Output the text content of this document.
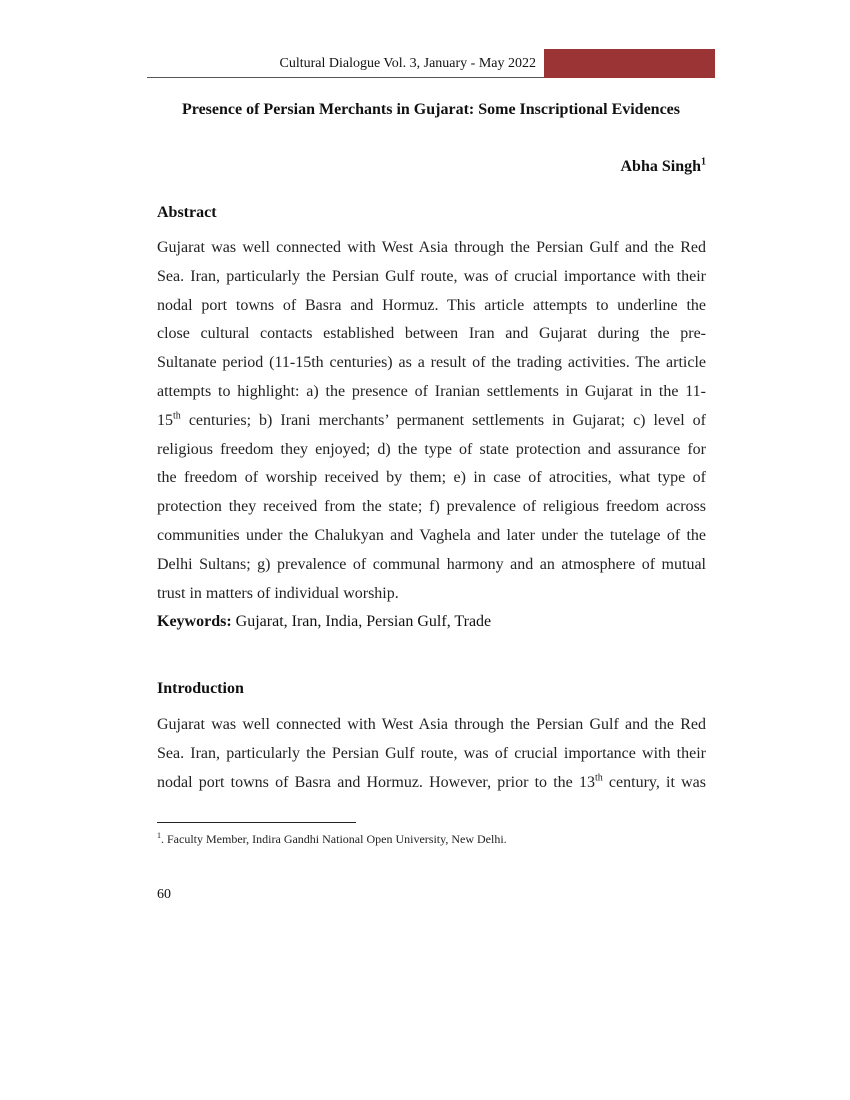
Cultural Dialogue Vol. 3, January - May 2022
Presence of Persian Merchants in Gujarat: Some Inscriptional Evidences
Abha Singh$^1$
Abstract
Gujarat was well connected with West Asia through the Persian Gulf and the Red
Sea. Iran, particularly the Persian Gulf route, was of crucial importance with their
nodal port towns of Basra and Hormuz. This article attempts to underline the
close cultural contacts established between Iran and Gujarat during the pre-
Sultanate period (11-15th centuries) as a result of the trading activities. The article
attempts to highlight: a) the presence of Iranian settlements in Gujarat in the 11-
15th centuries; b) Irani merchants’ permanent settlements in Gujarat; c) level of
religious freedom they enjoyed; d) the type of state protection and assurance for
the freedom of worship received by them; e) in case of atrocities, what type of
protection they received from the state; f) prevalence of religious freedom across
communities under the Chalukyan and Vaghela and later under the tutelage of the
Delhi Sultans; g) prevalence of communal harmony and an atmosphere of mutual
trust in matters of individual worship.
Keywords: Gujarat, Iran, India, Persian Gulf, Trade
Introduction
Gujarat was well connected with West Asia through the Persian Gulf and the Red
Sea. Iran, particularly the Persian Gulf route, was of crucial importance with their
nodal port towns of Basra and Hormuz. However, prior to the 13th century, it was
$^1$. Faculty Member, Indira Gandhi National Open University, New Delhi.
60
